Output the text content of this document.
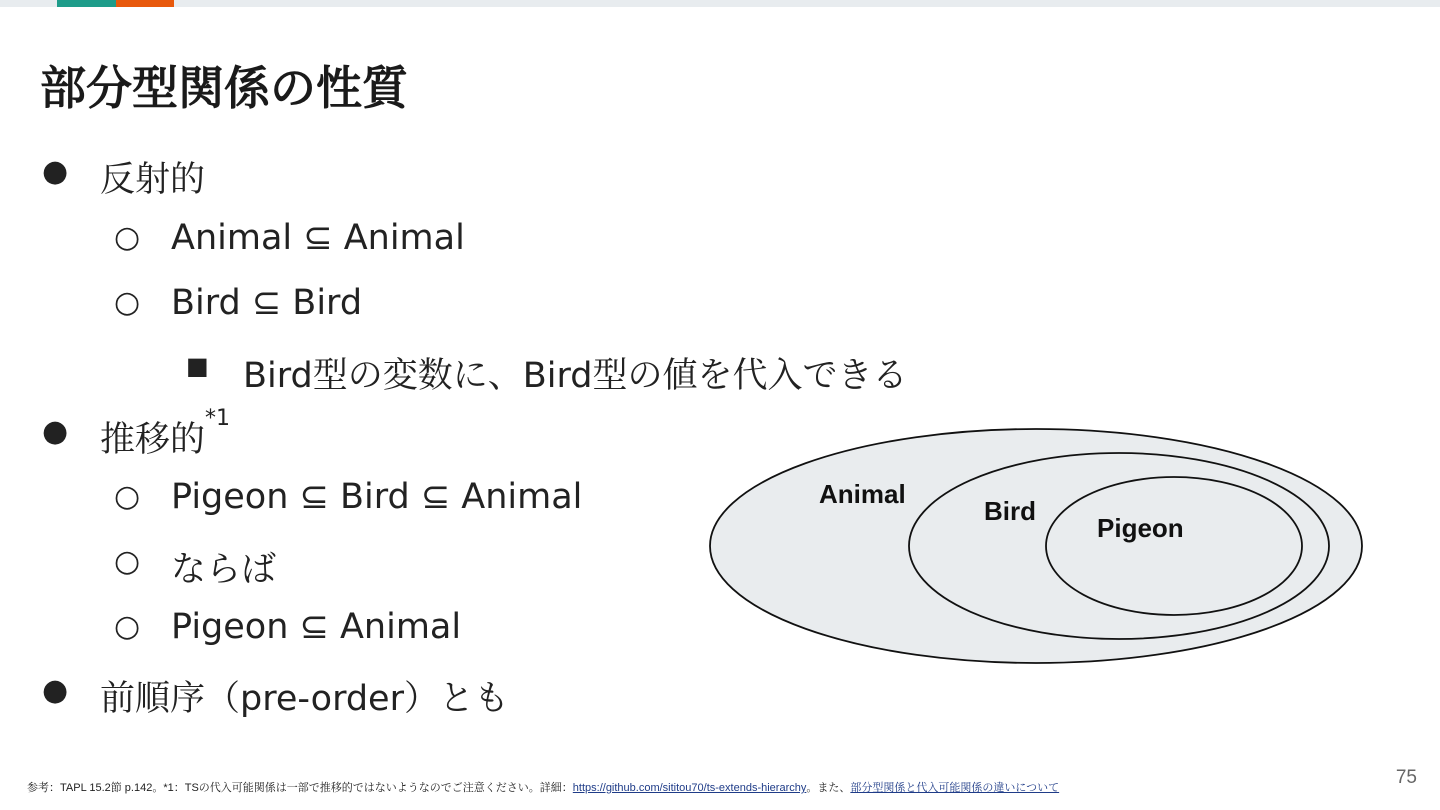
部分型関係の性質
● 反射的
○ Animal ⊆ Animal
○ Bird ⊆ Bird
■ Bird型の変数に、Bird型の値を代入できる
● 推移的$^{*1}$
○ Pigeon ⊆ Bird ⊆ Animal
○ ならば
○ Pigeon ⊆ Animal
● 前順序（pre-order）とも
Animal
Bird
Pigeon
参考：TAPL 15.2節 p.142。*1：TSの代入可能関係は一部で推移的ではないようなのでご注意ください。詳細：https://github.com/sititou70/ts-extends-hierarchy。また、部分型関係と代入可能関係の違いについて	75
